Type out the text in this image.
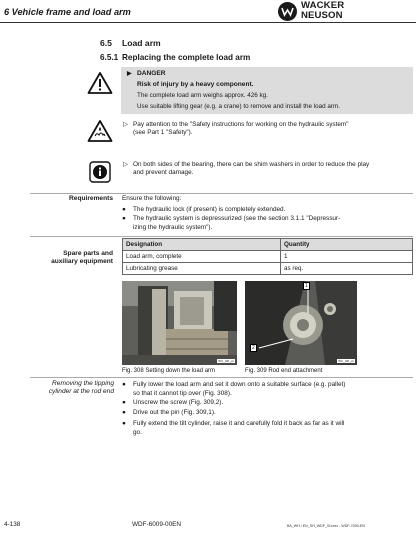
6 Vehicle frame and load arm
WACKER
NEUSON
6.5 Load arm
6.5.1 Replacing the complete load arm
▶ DANGER
Risk of injury by a heavy component.
The complete load arm weighs approx. 426 kg.
Use suitable lifting gear (e.g. a crane) to remove and install the load arm.
▷ Pay attention to the "Safety instructions for working on the hydraulic system" (see Part 1 "Safety").
▷ On both sides of the bearing, there can be shim washers in order to reduce the play and prevent damage.
Requirements Ensure the following:
● The hydraulic lock (if present) is completely extended.
● The hydraulic system is depressurized (see the section 3.1.1 "Depressur-
izing the hydraulic system").
Spare parts and
auxiliary equipment
Designation	Quantity
Load arm, complete	1
Lubricating grease	as req.
WC_GR_xx
Fig. 308 Setting down the load arm
1
2
WC_GR_xx
Fig. 309 Rod end attachment
Removing the tipping
cylinder at the rod end
● Fully lower the load arm and set it down onto a suitable surface (e.g. pallet)
so that it cannot tip over (Fig. 308).
● Unscrew the screw (Fig. 309,2).
● Drive out the pin (Fig. 309,1).
● Fully extend the tilt cylinder, raise it and carefully fold it back as far as it will
go.
4-138	WDF-6009-00EN	BA_WH / EN_SH_WDF_01xxxx - WDF-7090-EN
